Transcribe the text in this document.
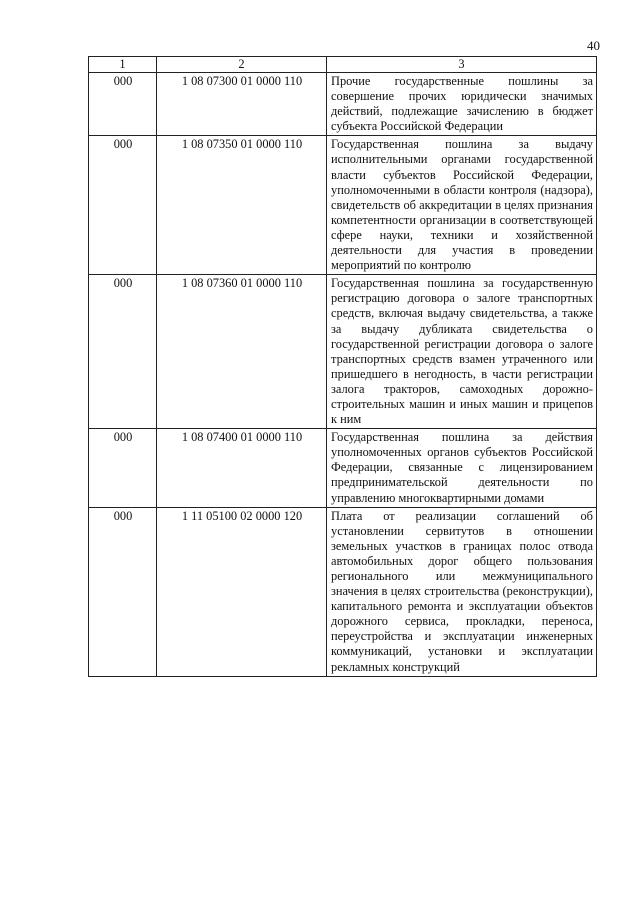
40
1	2	3
000	1 08 07300 01 0000 110	Прочие государственные пошлины за совершение прочих юридически значимых действий, подлежащие зачислению в бюджет субъекта Российской Федерации
000	1 08 07350 01 0000 110	Государственная пошлина за выдачу исполнительными органами государственной власти субъектов Российской Федерации, уполномоченными в области контроля (надзора), свидетельств об аккредитации в целях признания компетентности организации в соответствующей сфере науки, техники и хозяйственной деятельности для участия в проведении мероприятий по контролю
000	1 08 07360 01 0000 110	Государственная пошлина за государственную регистрацию договора о залоге транспортных средств, включая выдачу свидетельства, а также за выдачу дубликата свидетельства о государственной регистрации договора о залоге транспортных средств взамен утраченного или пришедшего в негодность, в части регистрации залога тракторов, самоходных дорожно-строительных машин и иных машин и прицепов к ним
000	1 08 07400 01 0000 110	Государственная пошлина за действия уполномоченных органов субъектов Российской Федерации, связанные с лицензированием предпринимательской деятельности по управлению многоквартирными домами
000	1 11 05100 02 0000 120	Плата от реализации соглашений об установлении сервитутов в отношении земельных участков в границах полос отвода автомобильных дорог общего пользования регионального или межмуниципального значения в целях строительства (реконструкции), капитального ремонта и эксплуатации объектов дорожного сервиса, прокладки, переноса, переустройства и эксплуатации инженерных коммуникаций, установки и эксплуатации рекламных конструкций
